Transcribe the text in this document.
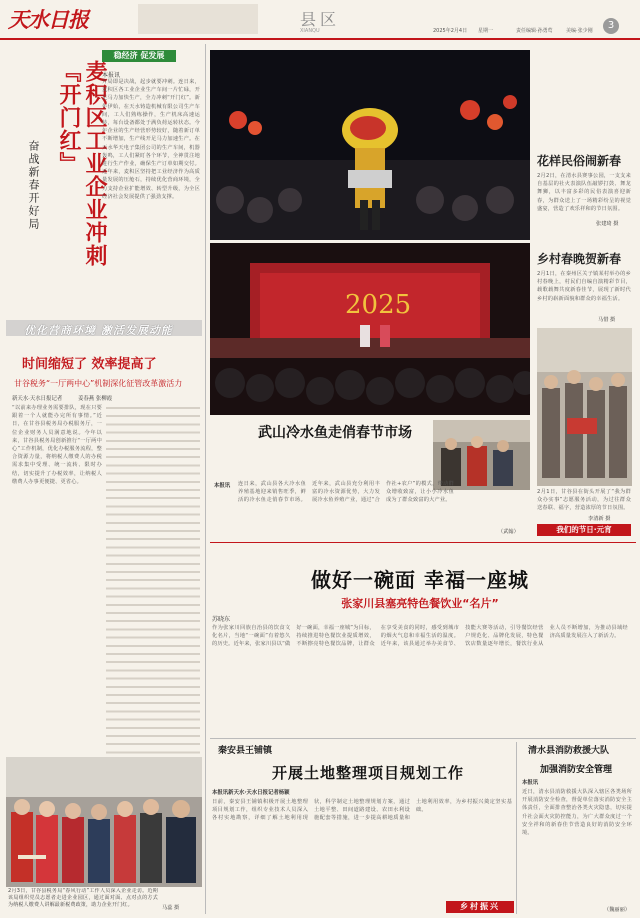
天水日报	县区
XIANQU	2025年2月4日 星期一	责任编辑·孙勇莺	美编·张少刚	3
稳经济 促发展
麦积区工业企业冲刺『开门红』
奋战新春开好局
本报讯
开局即是决战，起步就要冲刺。连日来，麦积区各工业企业生产车间一片忙碌，开足马力加快生产，全力冲刺“开门红”。新年伊始，在天水铸造机械有限公司生产车间，工人们熟练操作，生产机床高速运转，每台设备都处于满负荷运转状态。今年企业的生产经营形势较好，随着新订单不断增加，生产线开足马力加速生产。在天水华天电子集团公司的生产车间，机器轰鸣，工人们紧盯各个环节，全神贯注地进行生产作业，确保生产订单如期交付。近年来，麦积区坚持把工业经济作为高质量发展的压舱石，持续优化营商环境，全力支持企业扩能增效、转型升级，为全区经济社会发展提供了强劲支撑。
优化营商环境 激活发展动能
时间缩短了 效率提高了
甘谷税务“一厅两中心”机制深化征管改革激活力
新天水·天水日报记者	姜春燕 张柳霞
“以前来办理业务需要排队，现在只要跟着一个人就能办完所有事情。”近日，在甘谷县税务局办税服务厅，一位企业财务人员满意地说。今年以来，甘谷县税务局创新推行“一厅两中心”工作机制，优化办税服务流程，整合资源力量，将纳税人缴费人的办税需求集中受理、统一流转、限时办结，切实提升了办税效率，让纳税人缴费人办事更便捷、更省心。
2月3日，甘谷县税务局“春风行动”工作人员深入企业走访。近期该局组织党员志愿者走进企业园区，通过面对面、点对点的方式为纳税人缴费人讲解最新税费政策，助力企业开门红。	马蕊 摄
花样民俗闹新春
2月2日，在清水县赛事公园，一支支来自基层的社火表演队伍敲锣打鼓、舞龙舞狮，以丰富多彩的民俗表演喜迎新春，为群众送上了一场精彩纷呈的视觉盛宴，营造了欢乐祥和的节日氛围。
张建琦 摄
2025
乡村春晚贺新春
2月1日，在秦州区关子镇某村举办的乡村春晚上，村民们自编自演精彩节目，载歌载舞共度新春佳节，展现了新时代乡村的崭新面貌和群众的幸福生活。
马惜 摄
2月1日，甘谷县在街头开展了“我为群众办实事”志愿服务活动，为过往群众送春联、福字，营造浓厚的节日氛围。
李清新 摄
我们的节日·元宵
武山冷水鱼走俏春节市场
本报讯 连日来，武山县各大冷水鱼养殖基地迎来销售旺季，鲜活的冷水鱼走俏春节市场。近年来，武山县充分利用丰富的冷水资源优势，大力发展冷水鱼养殖产业，通过“合作社+农户”的模式，带动群众增收致富，让小小冷水鱼成为了群众致富的大产业。
（武翰）
做好一碗面 幸福一座城
张家川县塞亮特色餐饮业“名片”
苏晓东
作为张家川回族自治县的饮食文化名片，当地“一碗面”有着悠久的历史。近年来，张家川县以“做好一碗面，幸福一座城”为目标，持续推进特色餐饮业提质增效，不断擦亮特色餐饮品牌，让群众在享受美食的同时，感受到城市的烟火气息和幸福生活的温度。近年来，该县通过举办美食节、技能大赛等活动，引导餐饮经营户规范化、品牌化发展，特色餐饮店数量逐年增长，餐饮行业从业人员不断增加，为推动县域经济高质量发展注入了新活力。
秦安县王铺镇
开展土地整理项目规划工作
本报讯新天水·天水日报记者杨颖
日前，秦安县王铺镇积极开展土地整理项目规划工作，组织专业技术人员深入各村实地勘察，详细了解土地利用现状，科学制定土地整理规划方案，通过土地平整、田间道路建设、农田水利设施配套等措施，进一步提高耕地质量和土地利用效率，为乡村振兴奠定坚实基础。
乡村振兴
清水县消防救援大队
加强消防安全管理
本报讯
近日，清水县消防救援大队深入辖区各类场所开展消防安全检查，督促单位落实消防安全主体责任，全面排查整治各类火灾隐患，切实提升社会面火灾防控能力，为广大群众度过一个安全祥和的新春佳节营造良好的消防安全环境。
（魏丽丽）
